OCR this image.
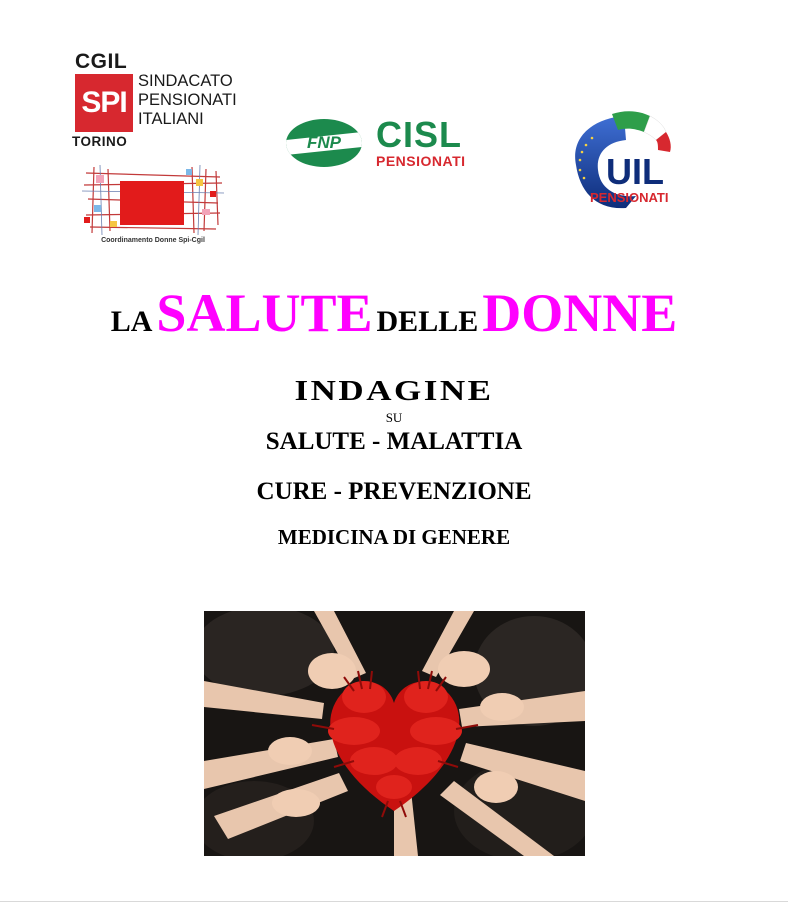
CGIL
SPI
SINDACATO
PENSIONATI
ITALIANI
TORINO
Coordinamento Donne Spi-Cgil
FNP CISL
PENSIONATI	UIL
PENSIONATI
LA SALUTE DELLE DONNE
INDAGINE
SU
SALUTE - MALATTIA
CURE - PREVENZIONE
MEDICINA DI GENERE
